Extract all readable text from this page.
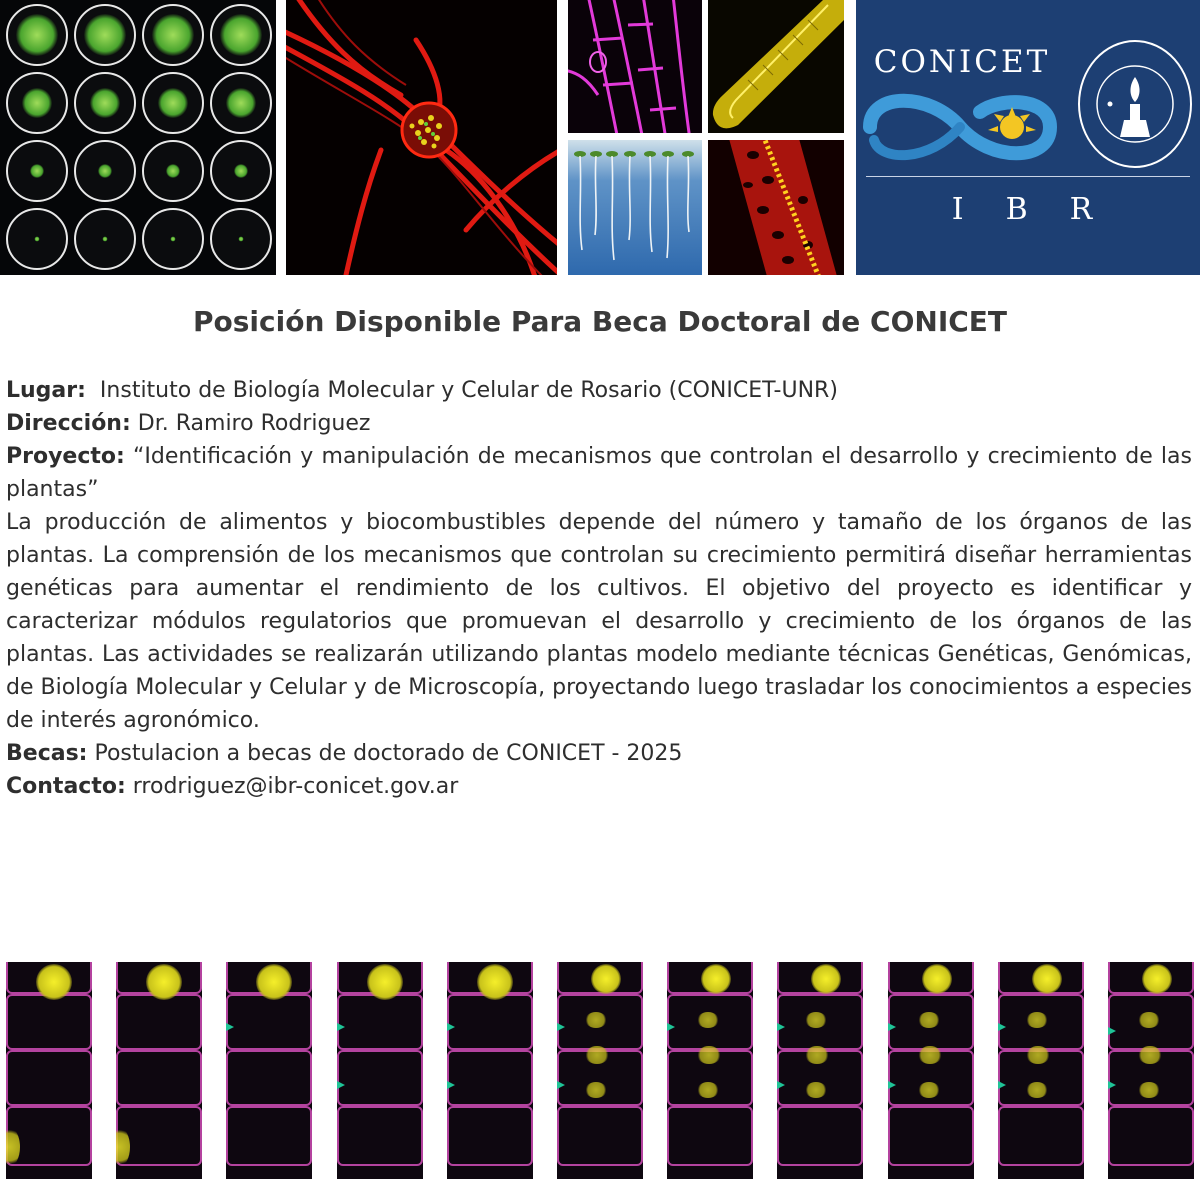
CONICET
IBR
Posición Disponible Para Beca Doctoral de CONICET

Lugar: Instituto de Biología Molecular y Celular de Rosario (CONICET-UNR)

Dirección: Dr. Ramiro Rodriguez

Proyecto: “Identificación y manipulación de mecanismos que controlan el desarrollo y crecimiento de las plantas”

La producción de alimentos y biocombustibles depende del número y tamaño de los órganos de las plantas. La comprensión de los mecanismos que controlan su crecimiento permitirá diseñar herramientas genéticas para aumentar el rendimiento de los cultivos. El objetivo del proyecto es identificar y caracterizar módulos regulatorios que promuevan el desarrollo y crecimiento de los órganos de las plantas. Las actividades se realizarán utilizando plantas modelo mediante técnicas Genéticas, Genómicas, de Biología Molecular y Celular y de Microscopía, proyectando luego trasladar los conocimientos a especies de interés agronómico.

Becas: Postulacion a becas de doctorado de CONICET - 2025

Contacto: rrodriguez@ibr-conicet.gov.ar
